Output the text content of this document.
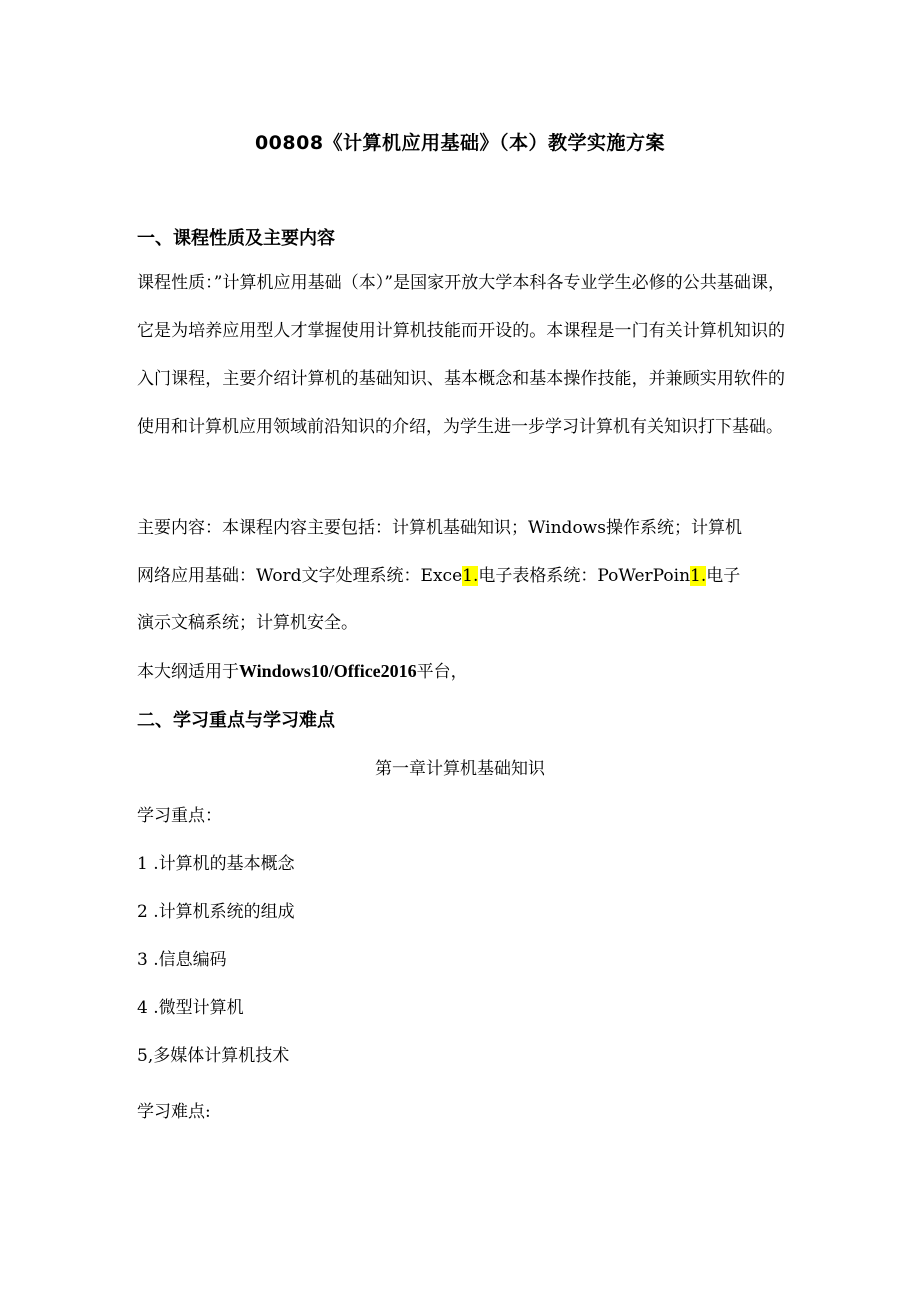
00808《计算机应用基础》（本）教学实施方案
一、课程性质及主要内容
课程性质：”计算机应用基础（本）”是国家开放大学本科各专业学生必修的公共基础课，它是为培养应用型人才掌握使用计算机技能而开设的。本课程是一门有关计算机知识的入门课程，主要介绍计算机的基础知识、基本概念和基本操作技能，并兼顾实用软件的使用和计算机应用领域前沿知识的介绍，为学生进一步学习计算机有关知识打下基础。
主要内容：本课程内容主要包括：计算机基础知识；Windows操作系统；计算机
网络应用基础：Word文字处理系统：Exce1.电子表格系统：PoWerPoin1.电子
演示文稿系统；计算机安全。
本大纲适用于Windows10/Office2016平台，
二、学习重点与学习难点
第一章计算机基础知识
学习重点：
1 .计算机的基本概念
2 .计算机系统的组成
3 .信息编码
4 .微型计算机
5,多媒体计算机技术
学习难点:
